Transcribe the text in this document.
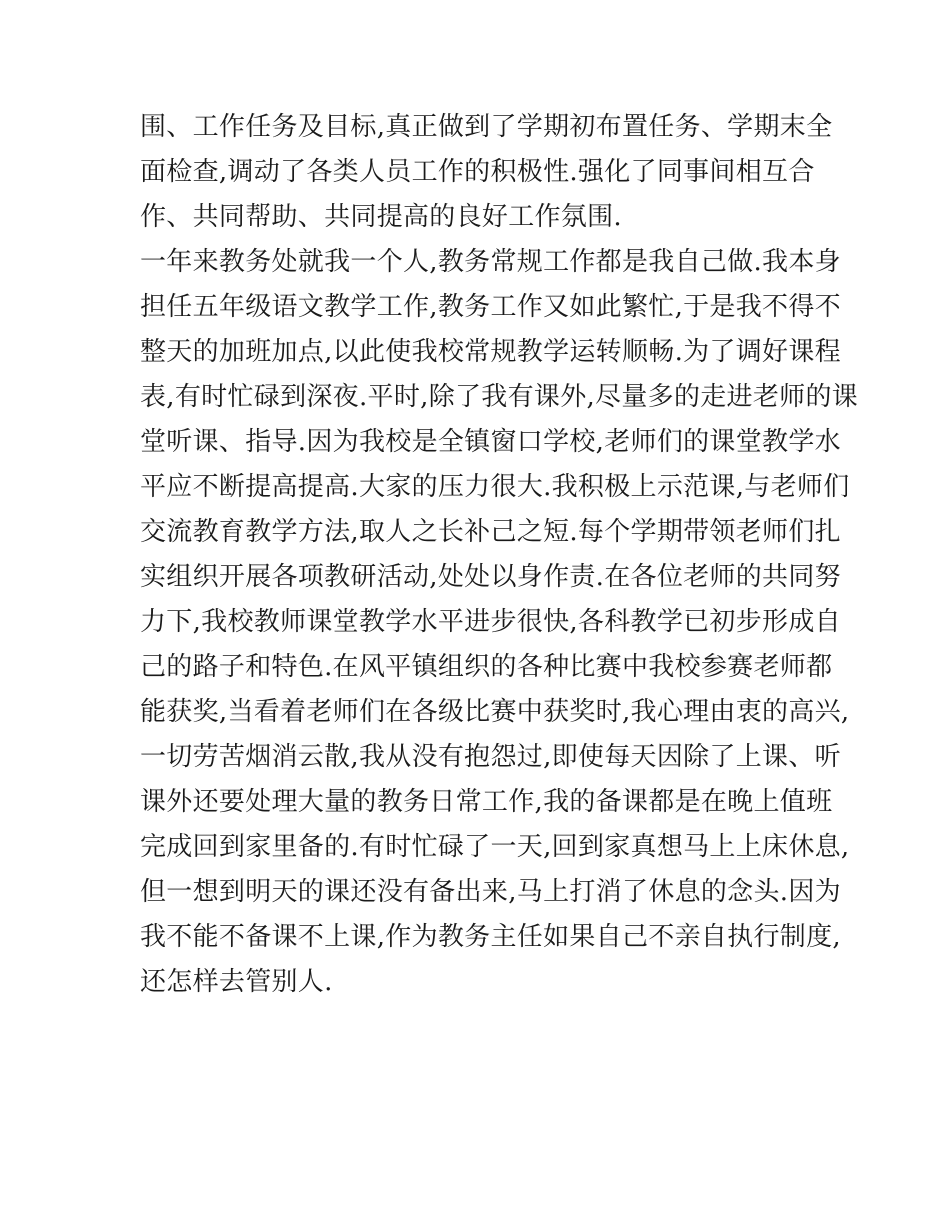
围、工作任务及目标,真正做到了学期初布置任务、学期末全
面检查,调动了各类人员工作的积极性.强化了同事间相互合
作、共同帮助、共同提高的良好工作氛围.
一年来教务处就我一个人,教务常规工作都是我自己做.我本身
担任五年级语文教学工作,教务工作又如此繁忙,于是我不得不
整天的加班加点,以此使我校常规教学运转顺畅.为了调好课程
表,有时忙碌到深夜.平时,除了我有课外,尽量多的走进老师的课
堂听课、指导.因为我校是全镇窗口学校,老师们的课堂教学水
平应不断提高提高.大家的压力很大.我积极上示范课,与老师们
交流教育教学方法,取人之长补己之短.每个学期带领老师们扎
实组织开展各项教研活动,处处以身作责.在各位老师的共同努
力下,我校教师课堂教学水平进步很快,各科教学已初步形成自
己的路子和特色.在风平镇组织的各种比赛中我校参赛老师都
能获奖,当看着老师们在各级比赛中获奖时,我心理由衷的高兴,
一切劳苦烟消云散,我从没有抱怨过,即使每天因除了上课、听
课外还要处理大量的教务日常工作,我的备课都是在晚上值班
完成回到家里备的.有时忙碌了一天,回到家真想马上上床休息,
但一想到明天的课还没有备出来,马上打消了休息的念头.因为
我不能不备课不上课,作为教务主任如果自己不亲自执行制度,
还怎样去管别人.
